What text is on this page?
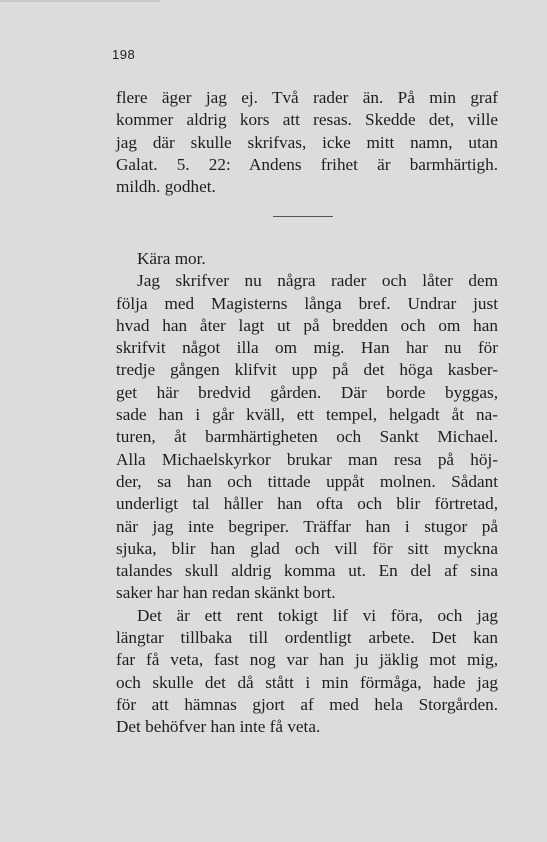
198
flere äger jag ej. Två rader än. På min graf
kommer aldrig kors att resas. Skedde det, ville
jag där skulle skrifvas, icke mitt namn, utan
Galat. 5. 22: Andens frihet är barmhärtigh.
mildh. godhet.
Kära mor.
Jag skrifver nu några rader och låter dem
följa med Magisterns långa bref. Undrar just
hvad han åter lagt ut på bredden och om han
skrifvit något illa om mig. Han har nu för
tredje gången klifvit upp på det höga kasber-
get här bredvid gården. Där borde byggas,
sade han i går kväll, ett tempel, helgadt åt na-
turen, åt barmhärtigheten och Sankt Michael.
Alla Michaelskyrkor brukar man resa på höj-
der, sa han och tittade uppåt molnen. Sådant
underligt tal håller han ofta och blir förtretad,
när jag inte begriper. Träffar han i stugor på
sjuka, blir han glad och vill för sitt myckna
talandes skull aldrig komma ut. En del af sina
saker har han redan skänkt bort.
Det är ett rent tokigt lif vi föra, och jag
längtar tillbaka till ordentligt arbete. Det kan
far få veta, fast nog var han ju jäklig mot mig,
och skulle det då stått i min förmåga, hade jag
för att hämnas gjort af med hela Storgården.
Det behöfver han inte få veta.
